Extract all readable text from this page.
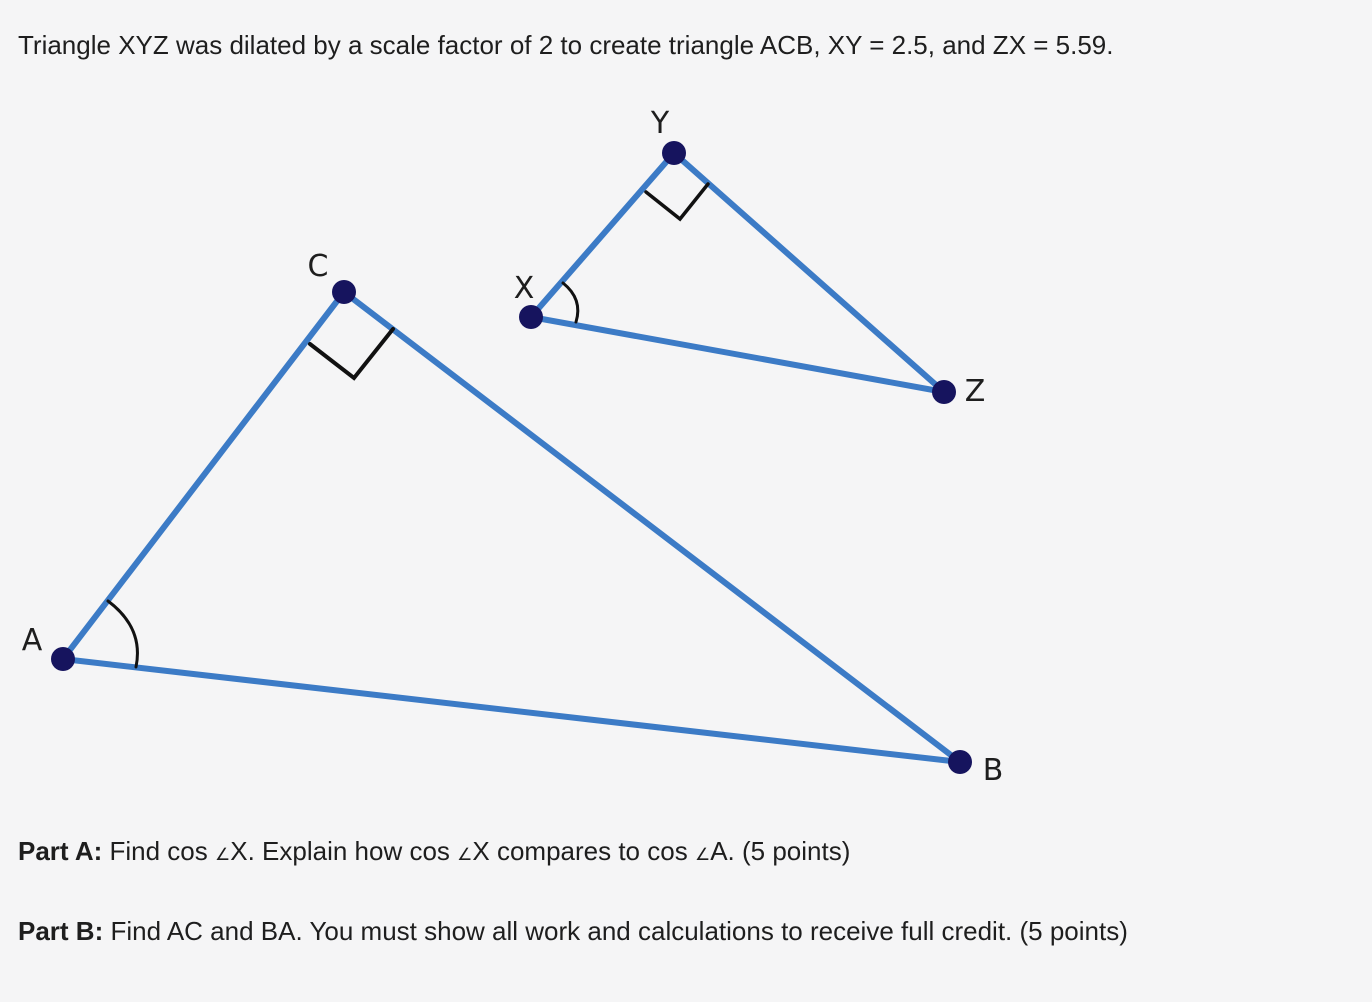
Triangle XYZ was dilated by a scale factor of 2 to create triangle ACB, XY = 2.5, and ZX = 5.59.

A
C
B
X
Y
Z

Part A: Find cos ∠X. Explain how cos ∠X compares to cos ∠A. (5 points)

Part B: Find AC and BA. You must show all work and calculations to receive full credit. (5 points)
